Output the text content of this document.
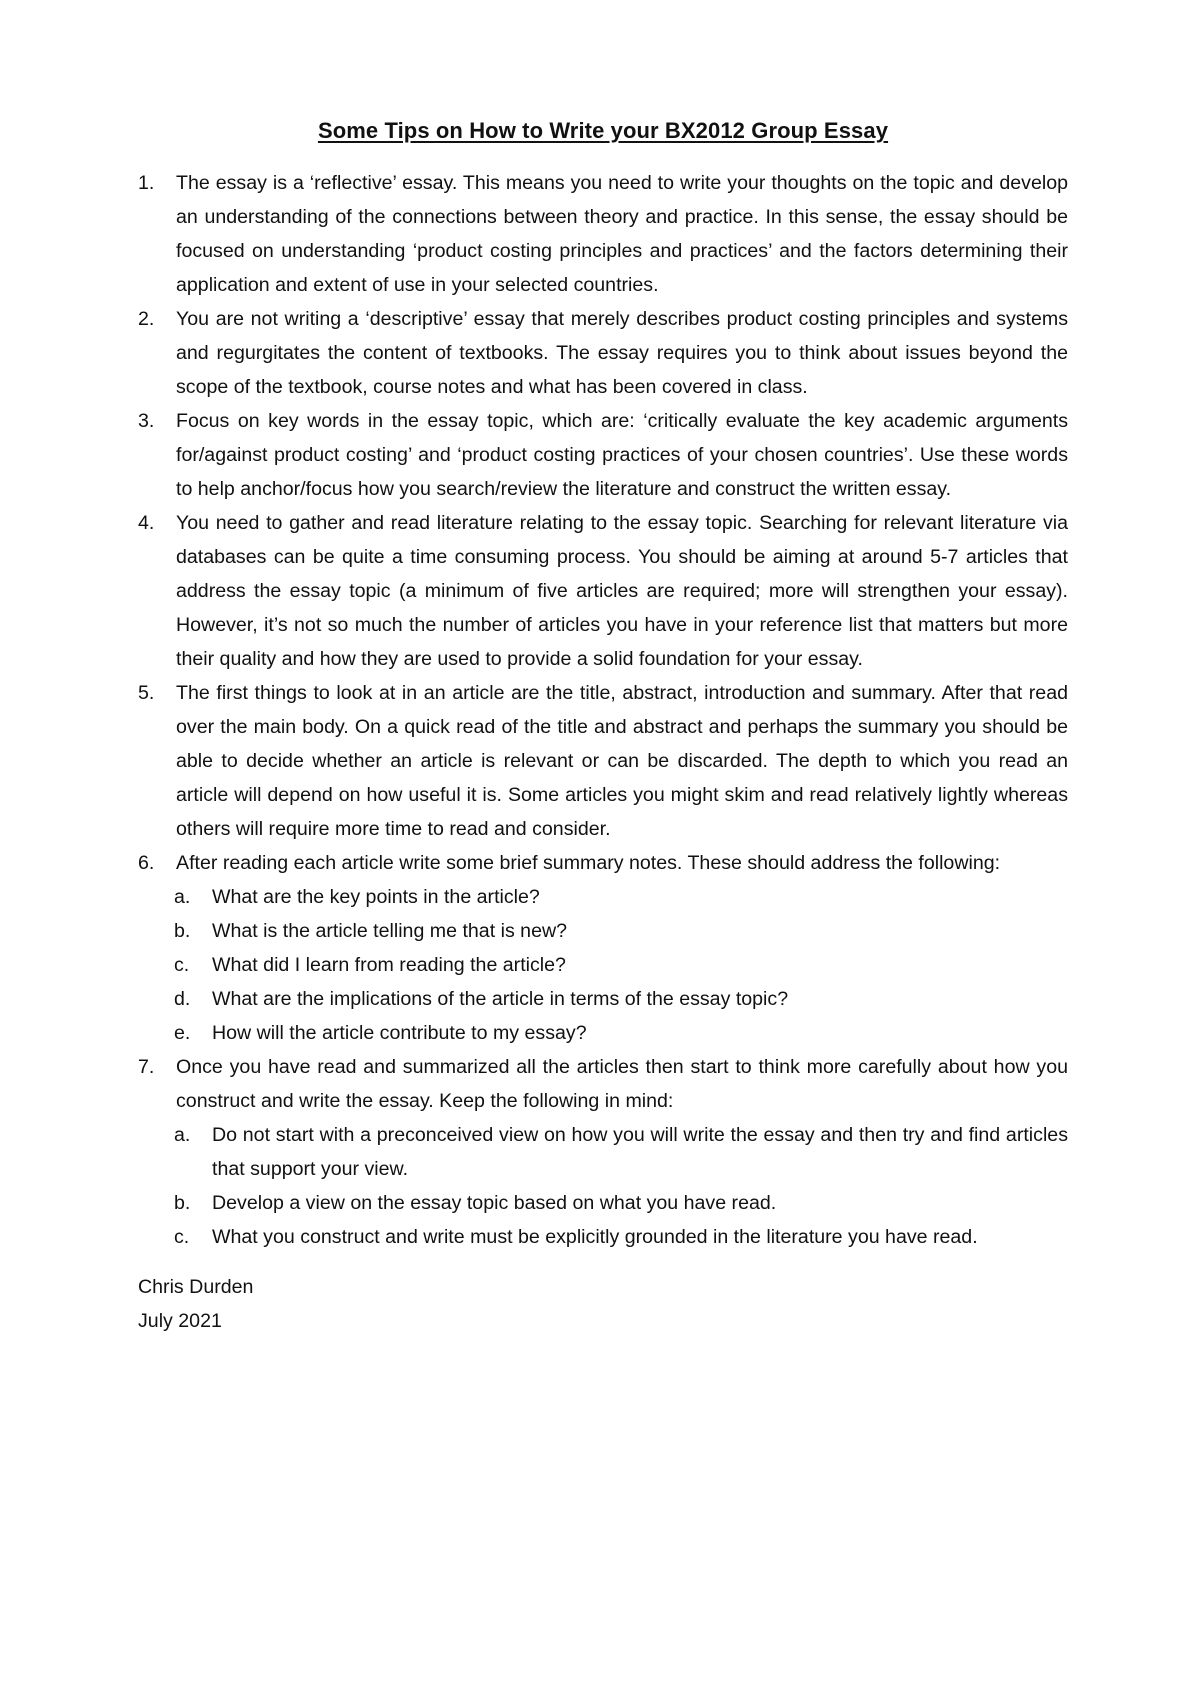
Some Tips on How to Write your BX2012 Group Essay
1. The essay is a ‘reflective’ essay. This means you need to write your thoughts on the topic and develop an understanding of the connections between theory and practice. In this sense, the essay should be focused on understanding ‘product costing principles and practices’ and the factors determining their application and extent of use in your selected countries.
2. You are not writing a ‘descriptive’ essay that merely describes product costing principles and systems and regurgitates the content of textbooks. The essay requires you to think about issues beyond the scope of the textbook, course notes and what has been covered in class.
3. Focus on key words in the essay topic, which are: ‘critically evaluate the key academic arguments for/against product costing’ and ‘product costing practices of your chosen countries’. Use these words to help anchor/focus how you search/review the literature and construct the written essay.
4. You need to gather and read literature relating to the essay topic. Searching for relevant literature via databases can be quite a time consuming process. You should be aiming at around 5-7 articles that address the essay topic (a minimum of five articles are required; more will strengthen your essay). However, it’s not so much the number of articles you have in your reference list that matters but more their quality and how they are used to provide a solid foundation for your essay.
5. The first things to look at in an article are the title, abstract, introduction and summary. After that read over the main body. On a quick read of the title and abstract and perhaps the summary you should be able to decide whether an article is relevant or can be discarded. The depth to which you read an article will depend on how useful it is. Some articles you might skim and read relatively lightly whereas others will require more time to read and consider.
6. After reading each article write some brief summary notes. These should address the following:
a. What are the key points in the article?
b. What is the article telling me that is new?
c. What did I learn from reading the article?
d. What are the implications of the article in terms of the essay topic?
e. How will the article contribute to my essay?
7. Once you have read and summarized all the articles then start to think more carefully about how you construct and write the essay. Keep the following in mind:
a. Do not start with a preconceived view on how you will write the essay and then try and find articles that support your view.
b. Develop a view on the essay topic based on what you have read.
c. What you construct and write must be explicitly grounded in the literature you have read.
Chris Durden
July 2021
